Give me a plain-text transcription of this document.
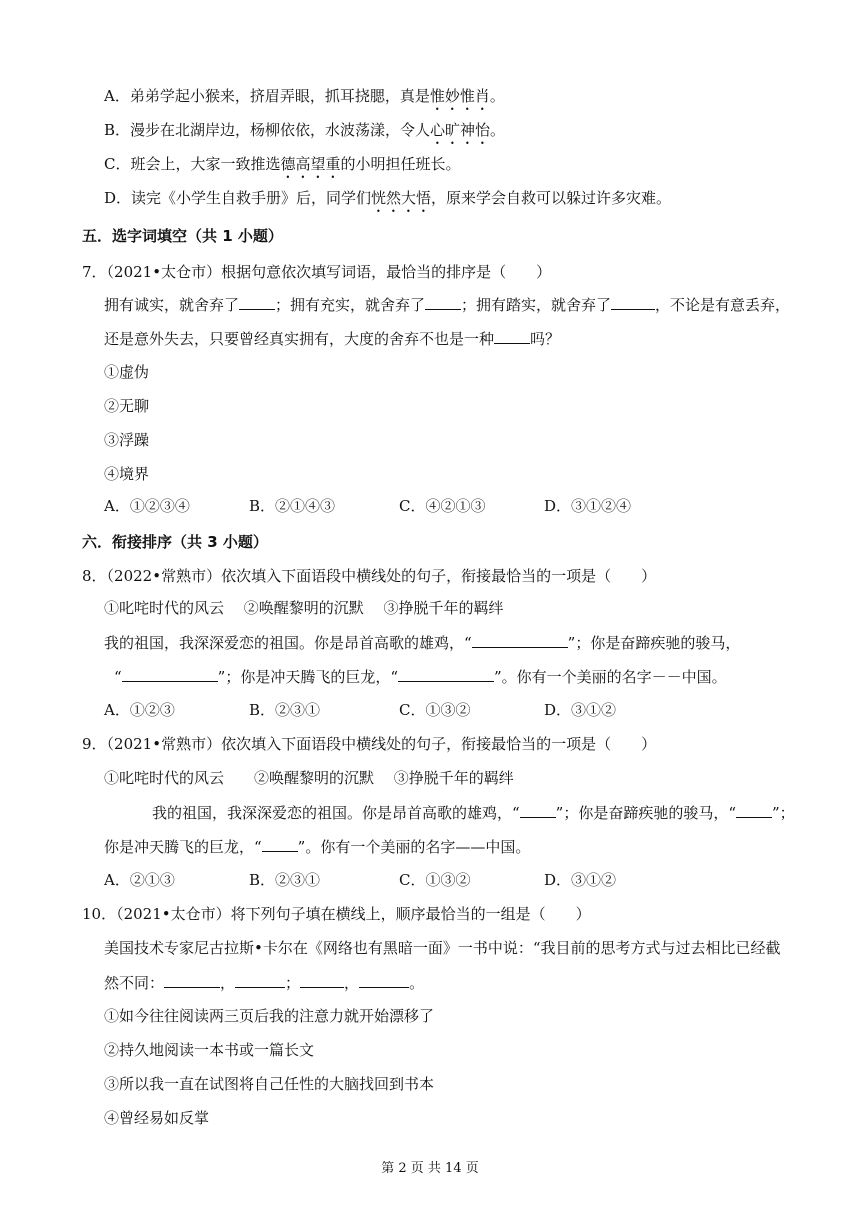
A．弟弟学起小猴来，挤眉弄眼，抓耳挠腮，真是惟妙惟肖。
B．漫步在北湖岸边，杨柳依依，水波荡漾，令人心旷神怡。
C．班会上，大家一致推选德高望重的小明担任班长。
D．读完《小学生自救手册》后，同学们恍然大悟，原来学会自救可以躲过许多灾难。
五．选字词填空（共 1 小题）
7．（2021•太仓市）根据句意依次填写词语，最恰当的排序是（　　）
拥有诚实，就舍弃了 ；拥有充实，就舍弃了 ；拥有踏实，就舍弃了	，不论是有意丢弃，
还是意外失去，只要曾经真实拥有，大度的舍弃不也是一种 吗？
①虚伪
②无聊
③浮躁
④境界
A．①②③④	B．②①④③	C．④②①③	D．③①②④
六．衔接排序（共 3 小题）
8．（2022•常熟市）依次填入下面语段中横线处的句子，衔接最恰当的一项是（　　）
①叱咤时代的风云　 ②唤醒黎明的沉默　 ③挣脱千年的羁绊
我的祖国，我深深爱恋的祖国。你是昂首高歌的雄鸡，“	”；你是奋蹄疾驰的骏马，
“	”；你是冲天腾飞的巨龙，“	”。你有一个美丽的名字－－中国。
A．①②③	B．②③①	C．①③②	D．③①②
9．（2021•常熟市）依次填入下面语段中横线处的句子，衔接最恰当的一项是（　　）
①叱咤时代的风云　　②唤醒黎明的沉默　 ③挣脱千年的羁绊
我的祖国，我深深爱恋的祖国。你是昂首高歌的雄鸡，“ ”；你是奋蹄疾驰的骏马，“ ”；
你是冲天腾飞的巨龙，“ ”。你有一个美丽的名字——中国。
A．②①③	B．②③①	C．①③②	D．③①②
10．（2021•太仓市）将下列句子填在横线上，顺序最恰当的一组是（　　）
美国技术专家尼古拉斯•卡尔在《网络也有黑暗一面》一书中说：“我目前的思考方式与过去相比已经截
然不同：	，	；	，	。
①如今往往阅读两三页后我的注意力就开始漂移了
②持久地阅读一本书或一篇长文
③所以我一直在试图将自己任性的大脑找回到书本
④曾经易如反掌
第 2 页 共 14 页
